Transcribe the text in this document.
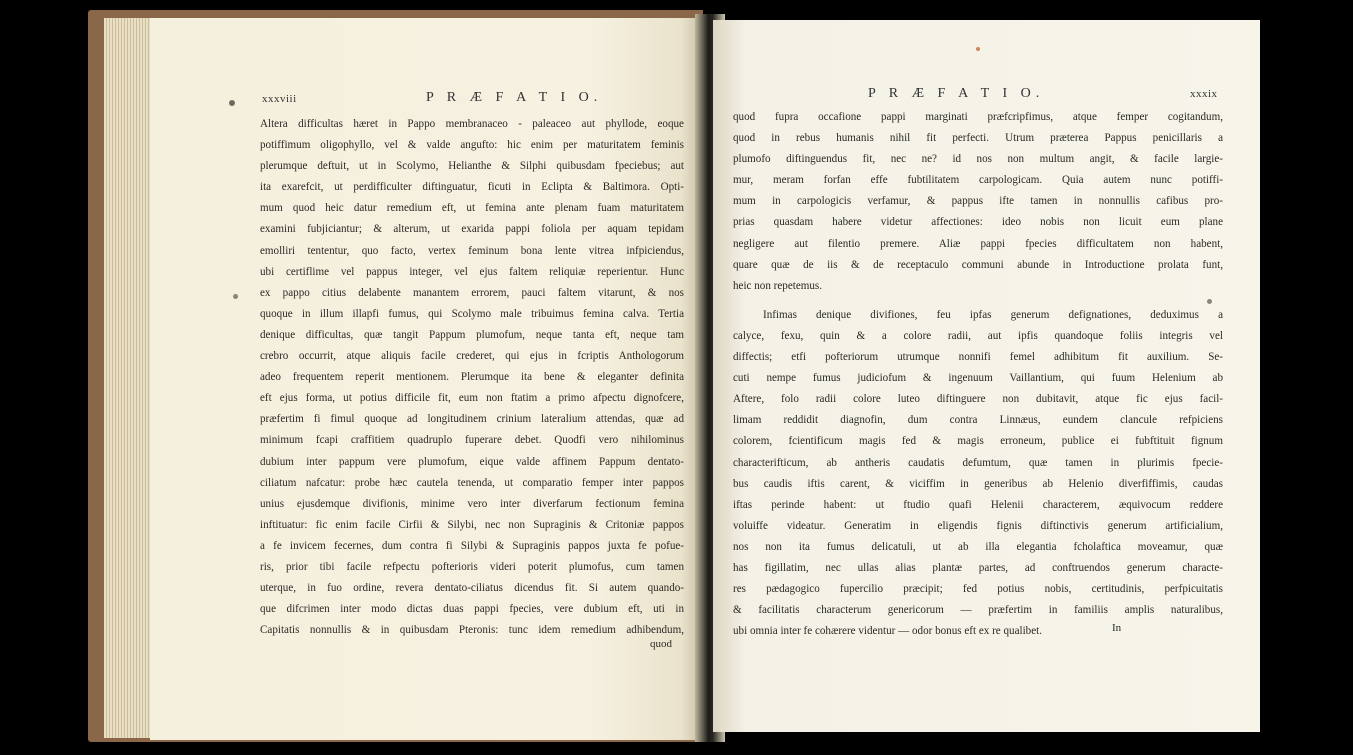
xxxviii	P R Æ F A T I O.
Altera difficultas hæret in Pappo membranaceo - paleaceo aut phyllode, eoque
potiffimum oligophyllo, vel & valde angufto: hic enim per maturitatem feminis
plerumque deftuit, ut in Scolymo, Helianthe & Silphi quibusdam fpeciebus; aut
ita exarefcit, ut perdifficulter diftinguatur, ficuti in Eclipta & Baltimora. Opti-
mum quod heic datur remedium eft, ut femina ante plenam fuam maturitatem
examini fubjiciantur; & alterum, ut exarida pappi foliola per aquam tepidam
emolliri tententur, quo facto, vertex feminum bona lente vitrea infpiciendus,
ubi certiflime vel pappus integer, vel ejus faltem reliquiæ reperientur. Hunc
ex pappo citius delabente manantem errorem, pauci faltem vitarunt, & nos
quoque in illum illapfi fumus, qui Scolymo male tribuimus femina calva. Tertia
denique difficultas, quæ tangit Pappum plumofum, neque tanta eft, neque tam
crebro occurrit, atque aliquis facile crederet, qui ejus in fcriptis Anthologorum
adeo frequentem reperit mentionem. Plerumque ita bene & eleganter definita
eft ejus forma, ut potius difficile fit, eum non ftatim a primo afpectu dignofcere,
præfertim fi fimul quoque ad longitudinem crinium lateralium attendas, quæ ad
minimum fcapi craffitiem quadruplo fuperare debet. Quodfi vero nihilominus
dubium inter pappum vere plumofum, eique valde affinem Pappum dentato-
ciliatum nafcatur: probe hæc cautela tenenda, ut comparatio femper inter pappos
unius ejusdemque divifionis, minime vero inter diverfarum fectionum femina
inftituatur: fic enim facile Cirfii & Silybi, nec non Supraginis & Critoniæ pappos
a fe invicem fecernes, dum contra fi Silybi & Supraginis pappos juxta fe pofue-
ris, prior tibi facile refpectu pofterioris videri poterit plumofus, cum tamen
uterque, in fuo ordine, revera dentato-ciliatus dicendus fit. Si autem quando-
que difcrimen inter modo dictas duas pappi fpecies, vere dubium eft, uti in
Capitatis nonnullis & in quibusdam Pteronis: tunc idem remedium adhibendum,
quod
P R Æ F A T I O.	xxxix
quod fupra occafione pappi marginati præfcripfimus, atque femper cogitandum,
quod in rebus humanis nihil fit perfecti. Utrum præterea Pappus penicillaris a
plumofo diftinguendus fit, nec ne? id nos non multum angit, & facile largie-
mur, meram forfan effe fubtilitatem carpologicam. Quia autem nunc potiffi-
mum in carpologicis verfamur, & pappus ifte tamen in nonnullis cafibus pro-
prias quasdam habere videtur affectiones: ideo nobis non licuit eum plane
negligere aut filentio premere. Aliæ pappi fpecies difficultatem non habent,
quare quæ de iis & de receptaculo communi abunde in Introductione prolata funt,
heic non repetemus.
Infimas denique divifiones, feu ipfas generum defignationes, deduximus a
calyce, fexu, quin & a colore radii, aut ipfis quandoque foliis integris vel
diffectis; etfi pofteriorum utrumque nonnifi femel adhibitum fit auxilium. Se-
cuti nempe fumus judiciofum & ingenuum Vaillantium, qui fuum Helenium ab
Aftere, folo radii colore luteo diftinguere non dubitavit, atque fic ejus facil-
limam reddidit diagnofin, dum contra Linnæus, eundem clancule refpiciens
colorem, fcientificum magis fed & magis erroneum, publice ei fubftituit fignum
characterifticum, ab antheris caudatis defumtum, quæ tamen in plurimis fpecie-
bus caudis iftis carent, & viciffim in generibus ab Helenio diverfiffimis, caudas
iftas perinde habent: ut ftudio quafi Helenii characterem, æquivocum reddere
voluiffe videatur. Generatim in eligendis fignis diftinctivis generum artificialium,
nos non ita fumus delicatuli, ut ab illa elegantia fcholaftica moveamur, quæ
has figillatim, nec ullas alias plantæ partes, ad conftruendos generum characte-
res pædagogico fupercilio præcipit; fed potius nobis, certitudinis, perfpicuitatis
& facilitatis characterum genericorum — præfertim in familiis amplis naturalibus,
ubi omnia inter fe cohærere videntur — odor bonus eft ex re qualibet.	In
